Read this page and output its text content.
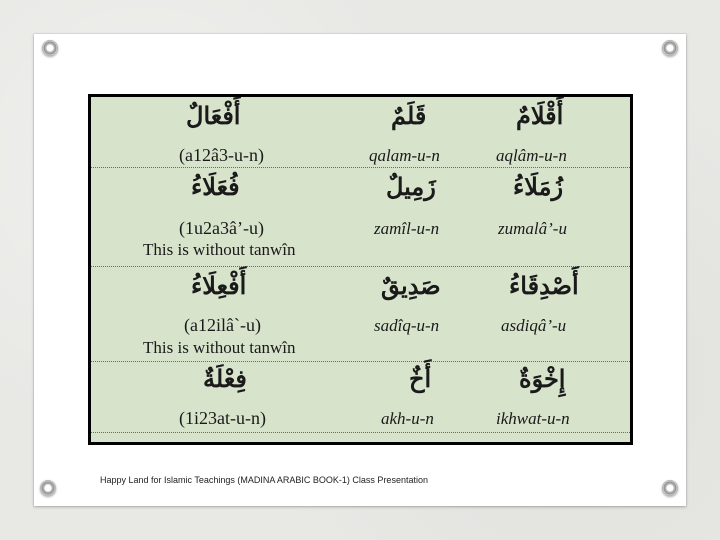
أَفْعَالٌ	قَلَمٌ	أَقْلَامٌ
(a12â3-u-n)	qalam-u-n	aqlâm-u-n
فُعَلَاءُ	زَمِيلٌ	زُمَلَاءُ
(1u2a3â’-u)	zamîl-u-n	zumalâ’-u
This is without tanwîn
أَفْعِلَاءُ	صَدِيقٌ	أَصْدِقَاءُ
(a12ilâ`-u)	sadîq-u-n	asdiqâ’-u
This is without tanwîn
فِعْلَةٌ	أَخٌ	إِخْوَةٌ
(1i23at-u-n)	akh-u-n	ikhwat-u-n
Happy Land for Islamic Teachings (MADINA ARABIC BOOK-1) Class Presentation
